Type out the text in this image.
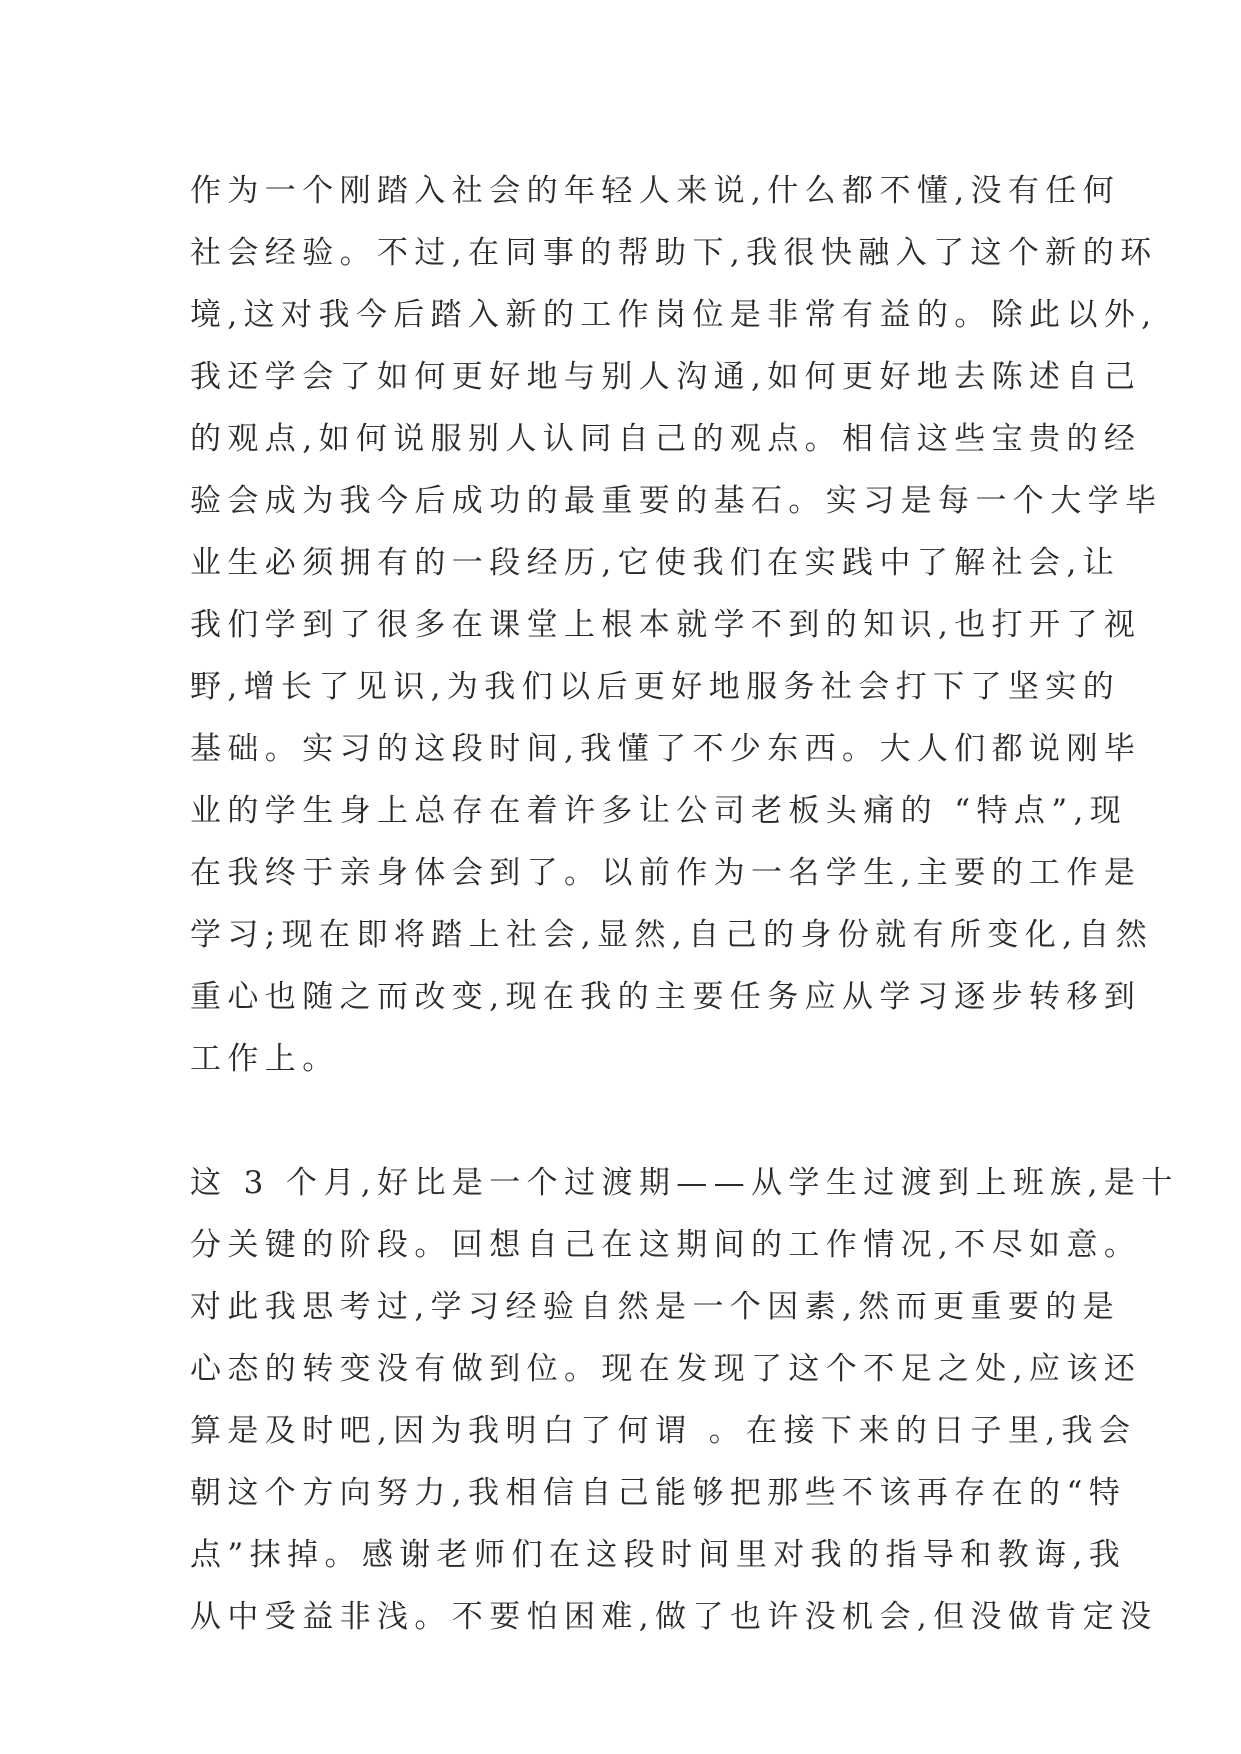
作为一个刚踏入社会的年轻人来说,什么都不懂,没有任何
社会经验。不过,在同事的帮助下,我很快融入了这个新的环
境,这对我今后踏入新的工作岗位是非常有益的。除此以外,
我还学会了如何更好地与别人沟通,如何更好地去陈述自己
的观点,如何说服别人认同自己的观点。相信这些宝贵的经
验会成为我今后成功的最重要的基石。实习是每一个大学毕
业生必须拥有的一段经历,它使我们在实践中了解社会,让
我们学到了很多在课堂上根本就学不到的知识,也打开了视
野,增长了见识,为我们以后更好地服务社会打下了坚实的
基础。实习的这段时间,我懂了不少东西。大人们都说刚毕
业的学生身上总存在着许多让公司老板头痛的 “特点”,现
在我终于亲身体会到了。以前作为一名学生,主要的工作是
学习;现在即将踏上社会,显然,自己的身份就有所变化,自然
重心也随之而改变,现在我的主要任务应从学习逐步转移到
工作上。
这 3 个月,好比是一个过渡期——从学生过渡到上班族,是十
分关键的阶段。回想自己在这期间的工作情况,不尽如意。
对此我思考过,学习经验自然是一个因素,然而更重要的是
心态的转变没有做到位。现在发现了这个不足之处,应该还
算是及时吧,因为我明白了何谓 。在接下来的日子里,我会
朝这个方向努力,我相信自己能够把那些不该再存在的“特
点”抹掉。感谢老师们在这段时间里对我的指导和教诲,我
从中受益非浅。不要怕困难,做了也许没机会,但没做肯定没
